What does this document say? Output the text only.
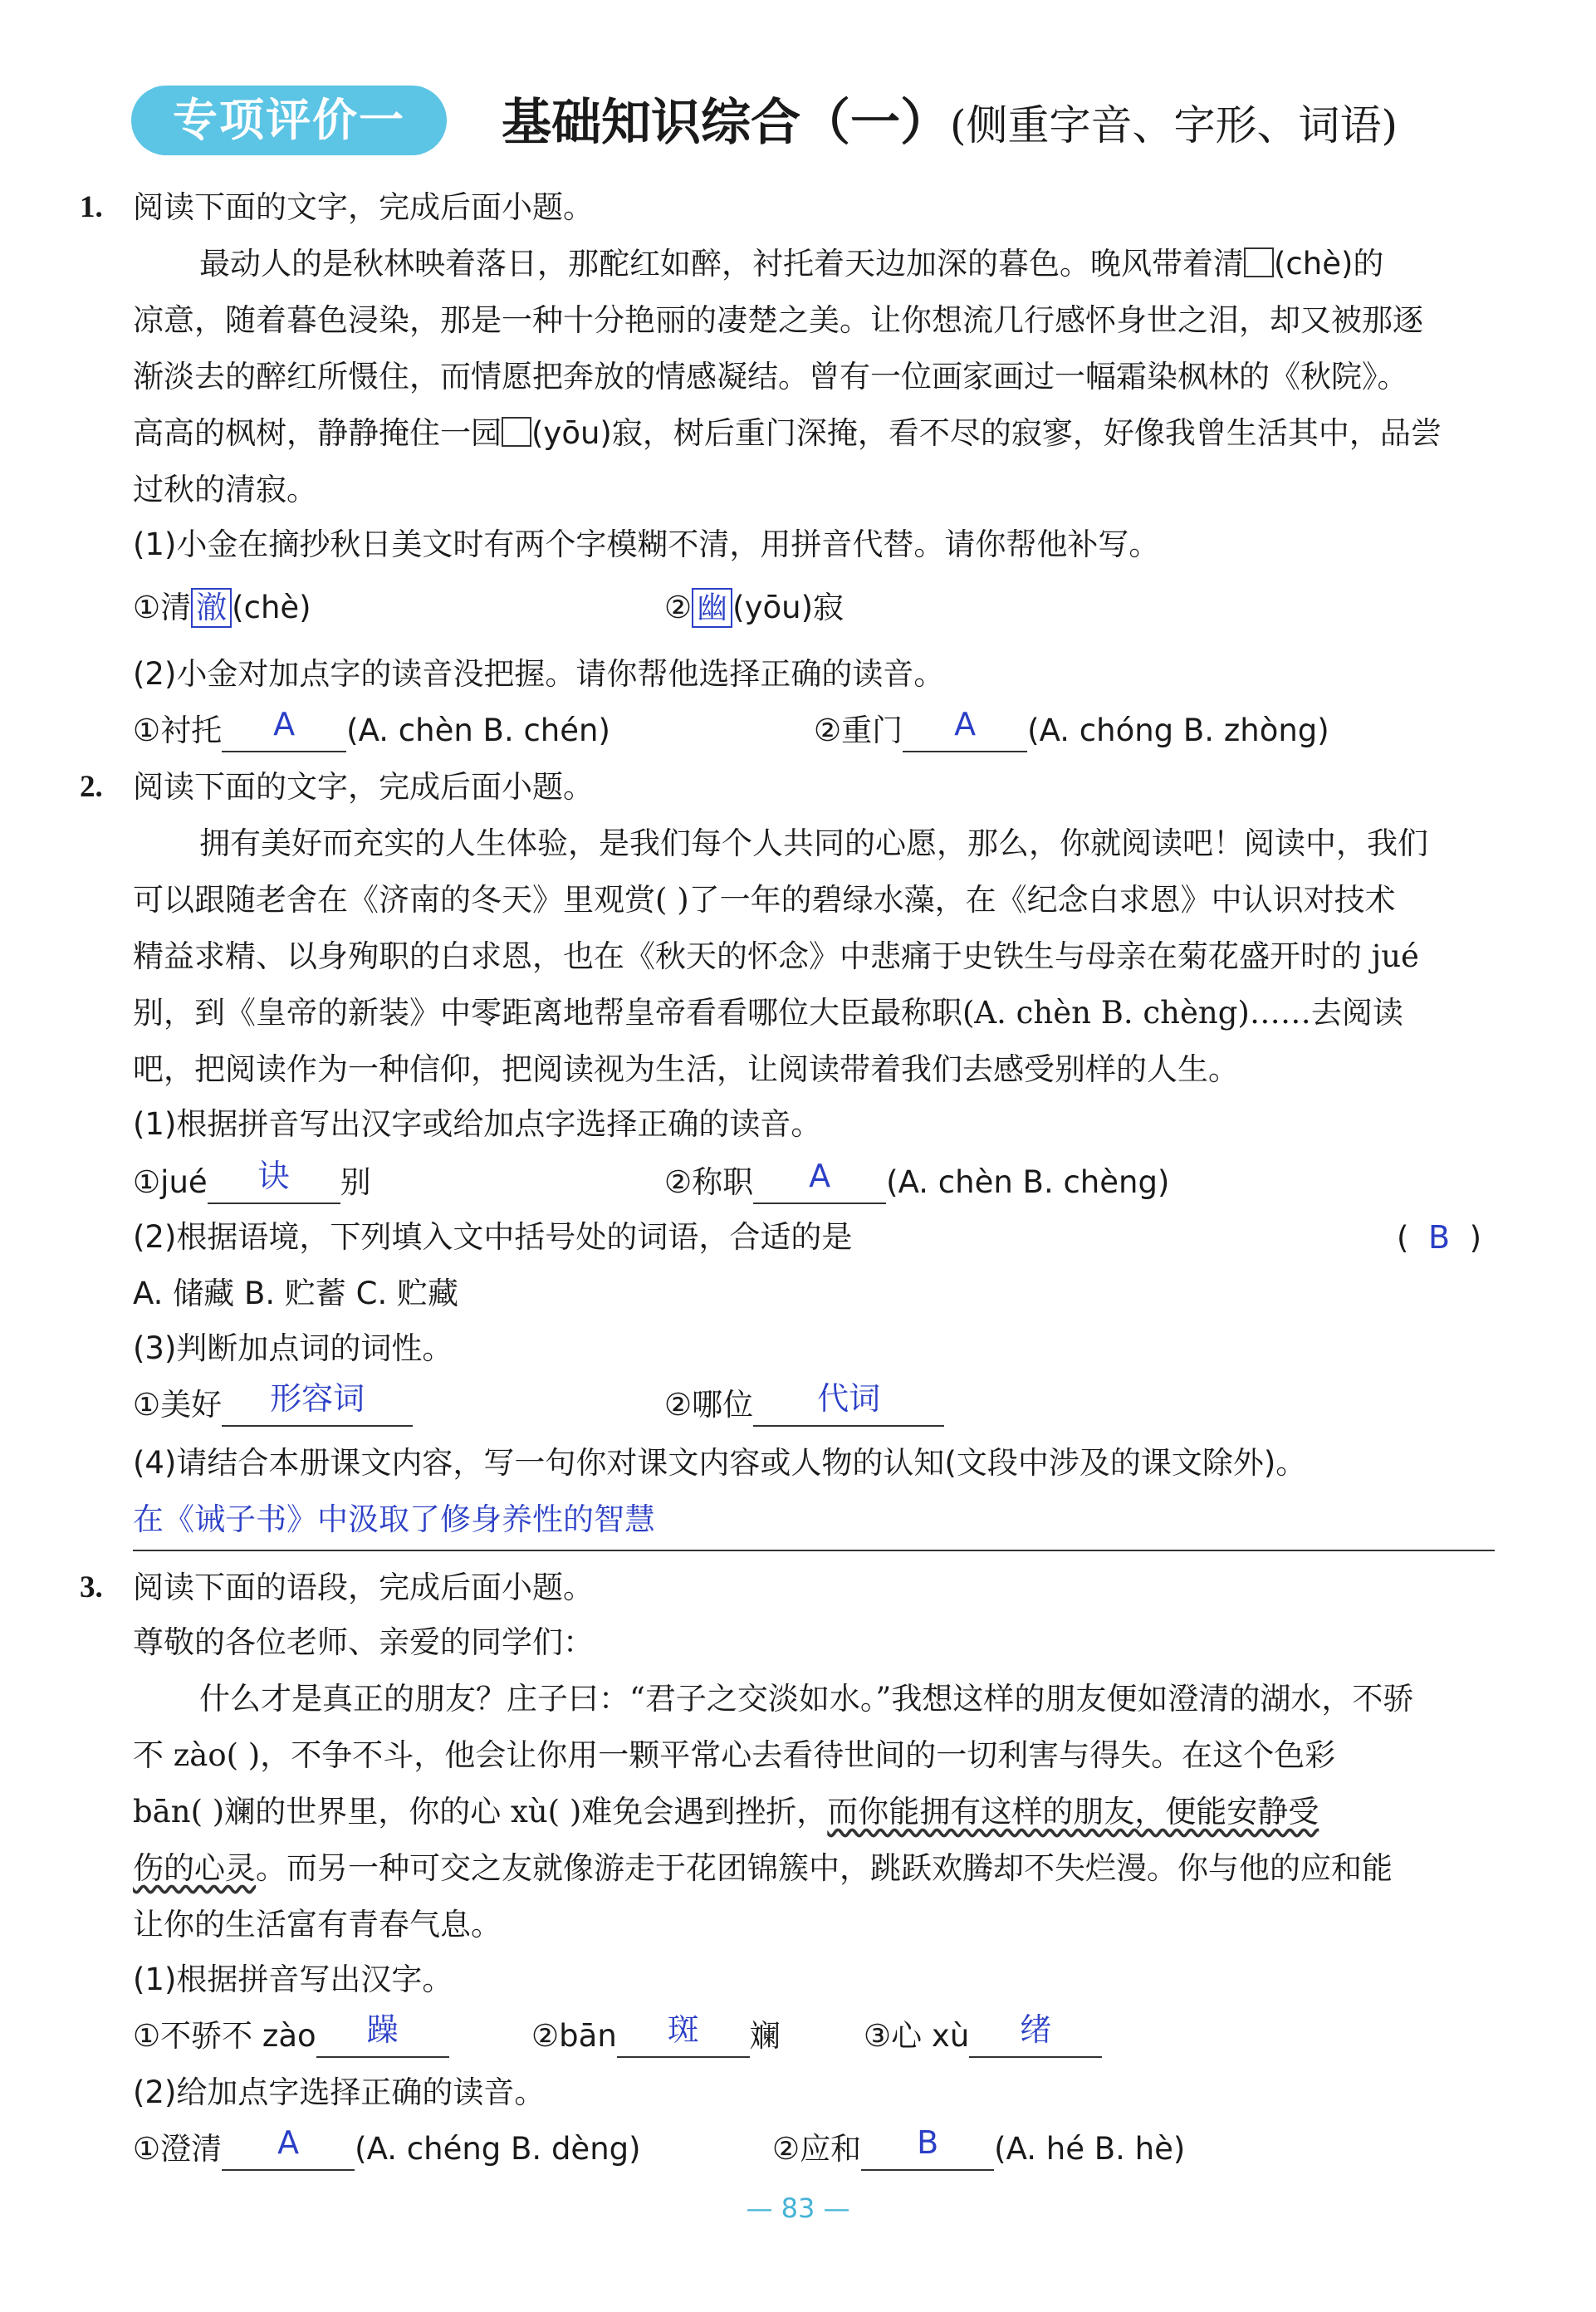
专项评价一	基础知识综合（一）(侧重字音、字形、词语)
1. 阅读下面的文字，完成后面小题。
最动人的是秋林映着落日，那酡红如醉，衬托着天边加深的暮色。晚风带着清 (chè)的
凉意，随着暮色浸染，那是一种十分艳丽的凄楚之美。让你想流几行感怀身世之泪，却又被那逐
渐淡去的醉红所慑住，而情愿把奔放的情感凝结。曾有一位画家画过一幅霜染枫林的《秋院》。
高高的枫树，静静掩住一园 (yōu)寂，树后重门深掩，看不尽的寂寥，好像我曾生活其中，品尝
过秋的清寂。
(1)小金在摘抄秋日美文时有两个字模糊不清，用拼音代替。请你帮他补写。
①清 澈 (chè)	② 幽 (yōu)寂
(2)小金对加点字的读音没把握。请你帮他选择正确的读音。
①衬托 A (A. chèn B. chén)	②重门 A (A. chóng B. zhòng)
2. 阅读下面的文字，完成后面小题。
拥有美好而充实的人生体验，是我们每个人共同的心愿，那么，你就阅读吧！阅读中，我们
可以跟随老舍在《济南的冬天》里观赏( )了一年的碧绿水藻，在《纪念白求恩》中认识对技术
精益求精、以身殉职的白求恩，也在《秋天的怀念》中悲痛于史铁生与母亲在菊花盛开时的 jué
别，到《皇帝的新装》中零距离地帮皇帝看看哪位大臣最称职(A. chèn B. chèng)……去阅读
吧，把阅读作为一种信仰，把阅读视为生活，让阅读带着我们去感受别样的人生。
(1)根据拼音写出汉字或给加点字选择正确的读音。
①jué 诀 别	②称职 A (A. chèn B. chèng)
(2)根据语境，下列填入文中括号处的词语，合适的是	(  B  )
A. 储藏 B. 贮蓄 C. 贮藏
(3)判断加点词的词性。
①美好 形容词	②哪位 代词
(4)请结合本册课文内容，写一句你对课文内容或人物的认知(文段中涉及的课文除外)。
在《诫子书》中汲取了修身养性的智慧
3. 阅读下面的语段，完成后面小题。
尊敬的各位老师、亲爱的同学们：
什么才是真正的朋友？庄子曰：“君子之交淡如水。”我想这样的朋友便如澄清的湖水，不骄
不 zào( )，不争不斗，他会让你用一颗平常心去看待世间的一切利害与得失。在这个色彩
bān( )斓的世界里，你的心 xù( )难免会遇到挫折，而你能拥有这样的朋友，便能安静受
伤的心灵。而另一种可交之友就像游走于花团锦簇中，跳跃欢腾却不失烂漫。你与他的应和能
让你的生活富有青春气息。
(1)根据拼音写出汉字。
①不骄不 zào 躁	②bān 斑 斓	③心 xù 绪
(2)给加点字选择正确的读音。
①澄清 A (A. chéng B. dèng)	②应和 B (A. hé B. hè)
— 83 —
